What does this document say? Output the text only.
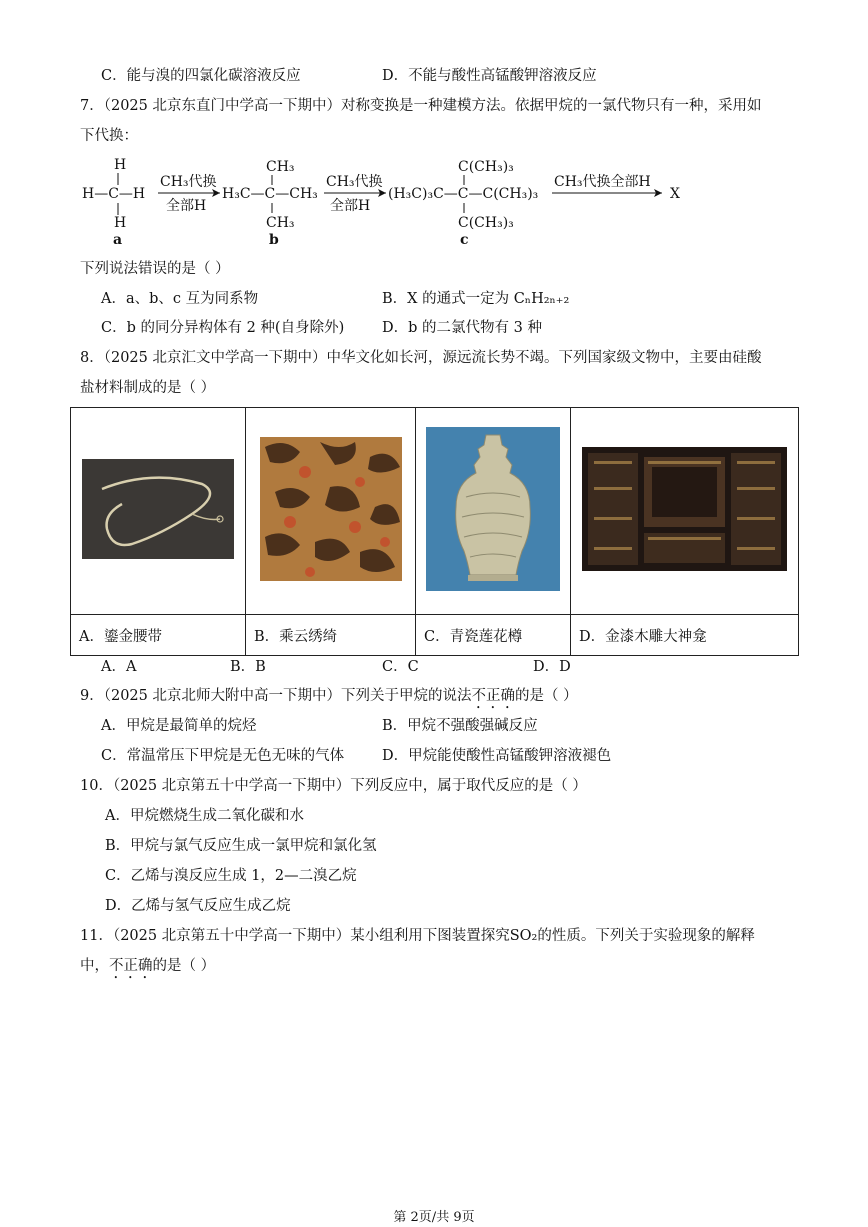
C．能与溴的四氯化碳溶液反应	D．不能与酸性高锰酸钾溶液反应
7．（2025 北京东直门中学高一下期中）对称变换是一种建模方法。依据甲烷的一氯代物只有一种，采用如
下代换：
H
H—C—H
H
a
CH₃代换
全部H
CH₃
H₃C—C—CH₃
CH₃
b
CH₃代换
全部H
C(CH₃)₃
(H₃C)₃C—C—C(CH₃)₃
C(CH₃)₃
c
CH₃代换全部H
X
下列说法错误的是（ ）
A．a、b、c 互为同系物	B．X 的通式一定为 CₙH₂ₙ₊₂
C．b 的同分异构体有 2 种(自身除外)	D．b 的二氯代物有 3 种
8．（2025 北京汇文中学高一下期中）中华文化如长河，源远流长势不竭。下列国家级文物中，主要由硅酸
盐材料制成的是（ ）

A．鎏金腰带	B．乘云绣绮	C．青瓷莲花樽	D．金漆木雕大神龛
A．A	B．B	C．C	D．D
9．（2025 北京北师大附中高一下期中）下列关于甲烷的说法不正确的是（ ）
A．甲烷是最简单的烷烃	B．甲烷不强酸强碱反应
C．常温常压下甲烷是无色无味的气体	D．甲烷能使酸性高锰酸钾溶液褪色
10．（2025 北京第五十中学高一下期中）下列反应中，属于取代反应的是（ ）
A．甲烷燃烧生成二氧化碳和水
B．甲烷与氯气反应生成一氯甲烷和氯化氢
C．乙烯与溴反应生成 1，2—二溴乙烷
D．乙烯与氢气反应生成乙烷
11．（2025 北京第五十中学高一下期中）某小组利用下图装置探究SO₂的性质。下列关于实验现象的解释
中，不正确的是（ ）
第 2页/共 9页
